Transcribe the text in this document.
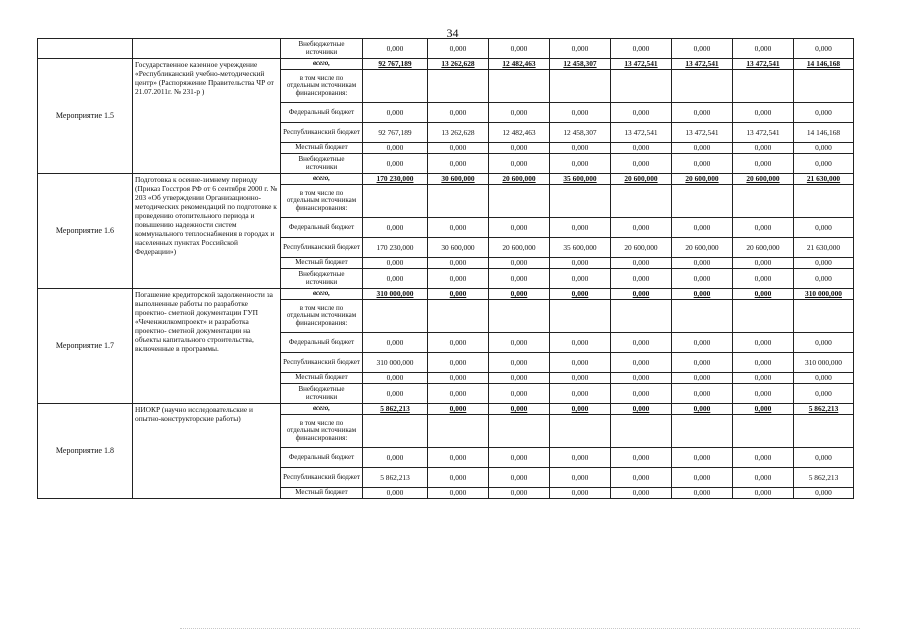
34
		Внебюджетные источники	0,000	0,000	0,000	0,000	0,000	0,000	0,000	0,000
Мероприятие 1.5	Государственное казенное учреждение «Республиканский учебно-методический центр» (Распоряжение Правительства ЧР от 21.07.2011г. № 231-р )	всего,	92 767,189	13 262,628	12 482,463	12 458,307	13 472,541	13 472,541	13 472,541	14 146,168
		в том числе по отдельным источникам финансирования:								
		Федеральный бюджет	0,000	0,000	0,000	0,000	0,000	0,000	0,000	0,000
		Республиканский бюджет	92 767,189	13 262,628	12 482,463	12 458,307	13 472,541	13 472,541	13 472,541	14 146,168
		Местный бюджет	0,000	0,000	0,000	0,000	0,000	0,000	0,000	0,000
		Внебюджетные источники	0,000	0,000	0,000	0,000	0,000	0,000	0,000	0,000
Мероприятие 1.6	Подготовка к осенне-зимнему периоду (Приказ Госстроя РФ от 6 сентября 2000 г. № 203 «Об утверждении Организационно-методических рекомендаций по подготовке к проведению отопительного периода и повышению надежности систем коммунального теплоснабжения в городах и населенных пунктах Российской Федерации»)	всего,	170 230,000	30 600,000	20 600,000	35 600,000	20 600,000	20 600,000	20 600,000	21 630,000
		в том числе по отдельным источникам финансирования:								
		Федеральный бюджет	0,000	0,000	0,000	0,000	0,000	0,000	0,000	0,000
		Республиканский бюджет	170 230,000	30 600,000	20 600,000	35 600,000	20 600,000	20 600,000	20 600,000	21 630,000
		Местный бюджет	0,000	0,000	0,000	0,000	0,000	0,000	0,000	0,000
		Внебюджетные источники	0,000	0,000	0,000	0,000	0,000	0,000	0,000	0,000
Мероприятие 1.7	Погашение кредиторской задолженности за выполненные работы по разработке проектно- сметной документации ГУП «Чеченжилкомпроект» и разработка проектно- сметной документации на объекты капитального строительства, включенные в программы.	всего,	310 000,000	0,000	0,000	0,000	0,000	0,000	0,000	310 000,000
		в том числе по отдельным источникам финансирования:								
		Федеральный бюджет	0,000	0,000	0,000	0,000	0,000	0,000	0,000	0,000
		Республиканский бюджет	310 000,000	0,000	0,000	0,000	0,000	0,000	0,000	310 000,000
		Местный бюджет	0,000	0,000	0,000	0,000	0,000	0,000	0,000	0,000
		Внебюджетные источники	0,000	0,000	0,000	0,000	0,000	0,000	0,000	0,000
Мероприятие 1.8	НИОКР (научно исследовательские и опытно-конструкторские работы)	всего,	5 862,213	0,000	0,000	0,000	0,000	0,000	0,000	5 862,213
		в том числе по отдельным источникам финансирования:								
		Федеральный бюджет	0,000	0,000	0,000	0,000	0,000	0,000	0,000	0,000
		Республиканский бюджет	5 862,213	0,000	0,000	0,000	0,000	0,000	0,000	5 862,213
		Местный бюджет	0,000	0,000	0,000	0,000	0,000	0,000	0,000	0,000
